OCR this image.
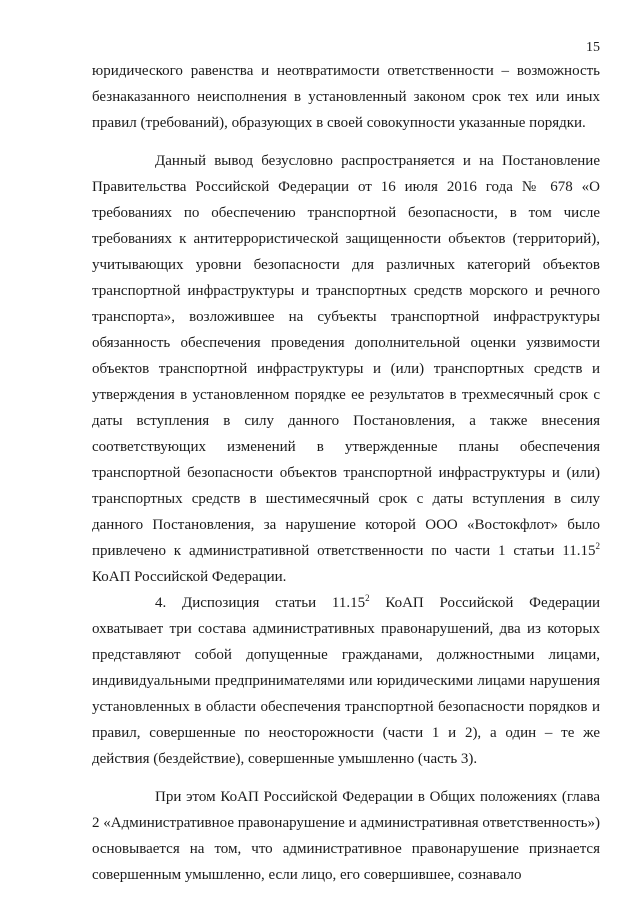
15

юридического равенства и неотвратимости ответственности – возможность безнаказанного неисполнения в установленный законом срок тех или иных правил (требований), образующих в своей совокупности указанные порядки.

Данный вывод безусловно распространяется и на Постановление Правительства Российской Федерации от 16 июля 2016 года № 678 «О требованиях по обеспечению транспортной безопасности, в том числе требованиях к антитеррористической защищенности объектов (территорий), учитывающих уровни безопасности для различных категорий объектов транспортной инфраструктуры и транспортных средств морского и речного транспорта», возложившее на субъекты транспортной инфраструктуры обязанность обеспечения проведения дополнительной оценки уязвимости объектов транспортной инфраструктуры и (или) транспортных средств и утверждения в установленном порядке ее результатов в трехмесячный срок с даты вступления в силу данного Постановления, а также внесения соответствующих изменений в утвержденные планы обеспечения транспортной безопасности объектов транспортной инфраструктуры и (или) транспортных средств в шестимесячный срок с даты вступления в силу данного Постановления, за нарушение которой ООО «Востокфлот» было привлечено к административной ответственности по части 1 статьи 11.15$^2$ КоАП Российской Федерации.

4. Диспозиция статьи 11.15$^2$ КоАП Российской Федерации охватывает три состава административных правонарушений, два из которых представляют собой допущенные гражданами, должностными лицами, индивидуальными предпринимателями или юридическими лицами нарушения установленных в области обеспечения транспортной безопасности порядков и правил, совершенные по неосторожности (части 1 и 2), а один – те же действия (бездействие), совершенные умышленно (часть 3).

При этом КоАП Российской Федерации в Общих положениях (глава 2 «Административное правонарушение и административная ответственность») основывается на том, что административное правонарушение признается совершенным умышленно, если лицо, его совершившее, сознавало
